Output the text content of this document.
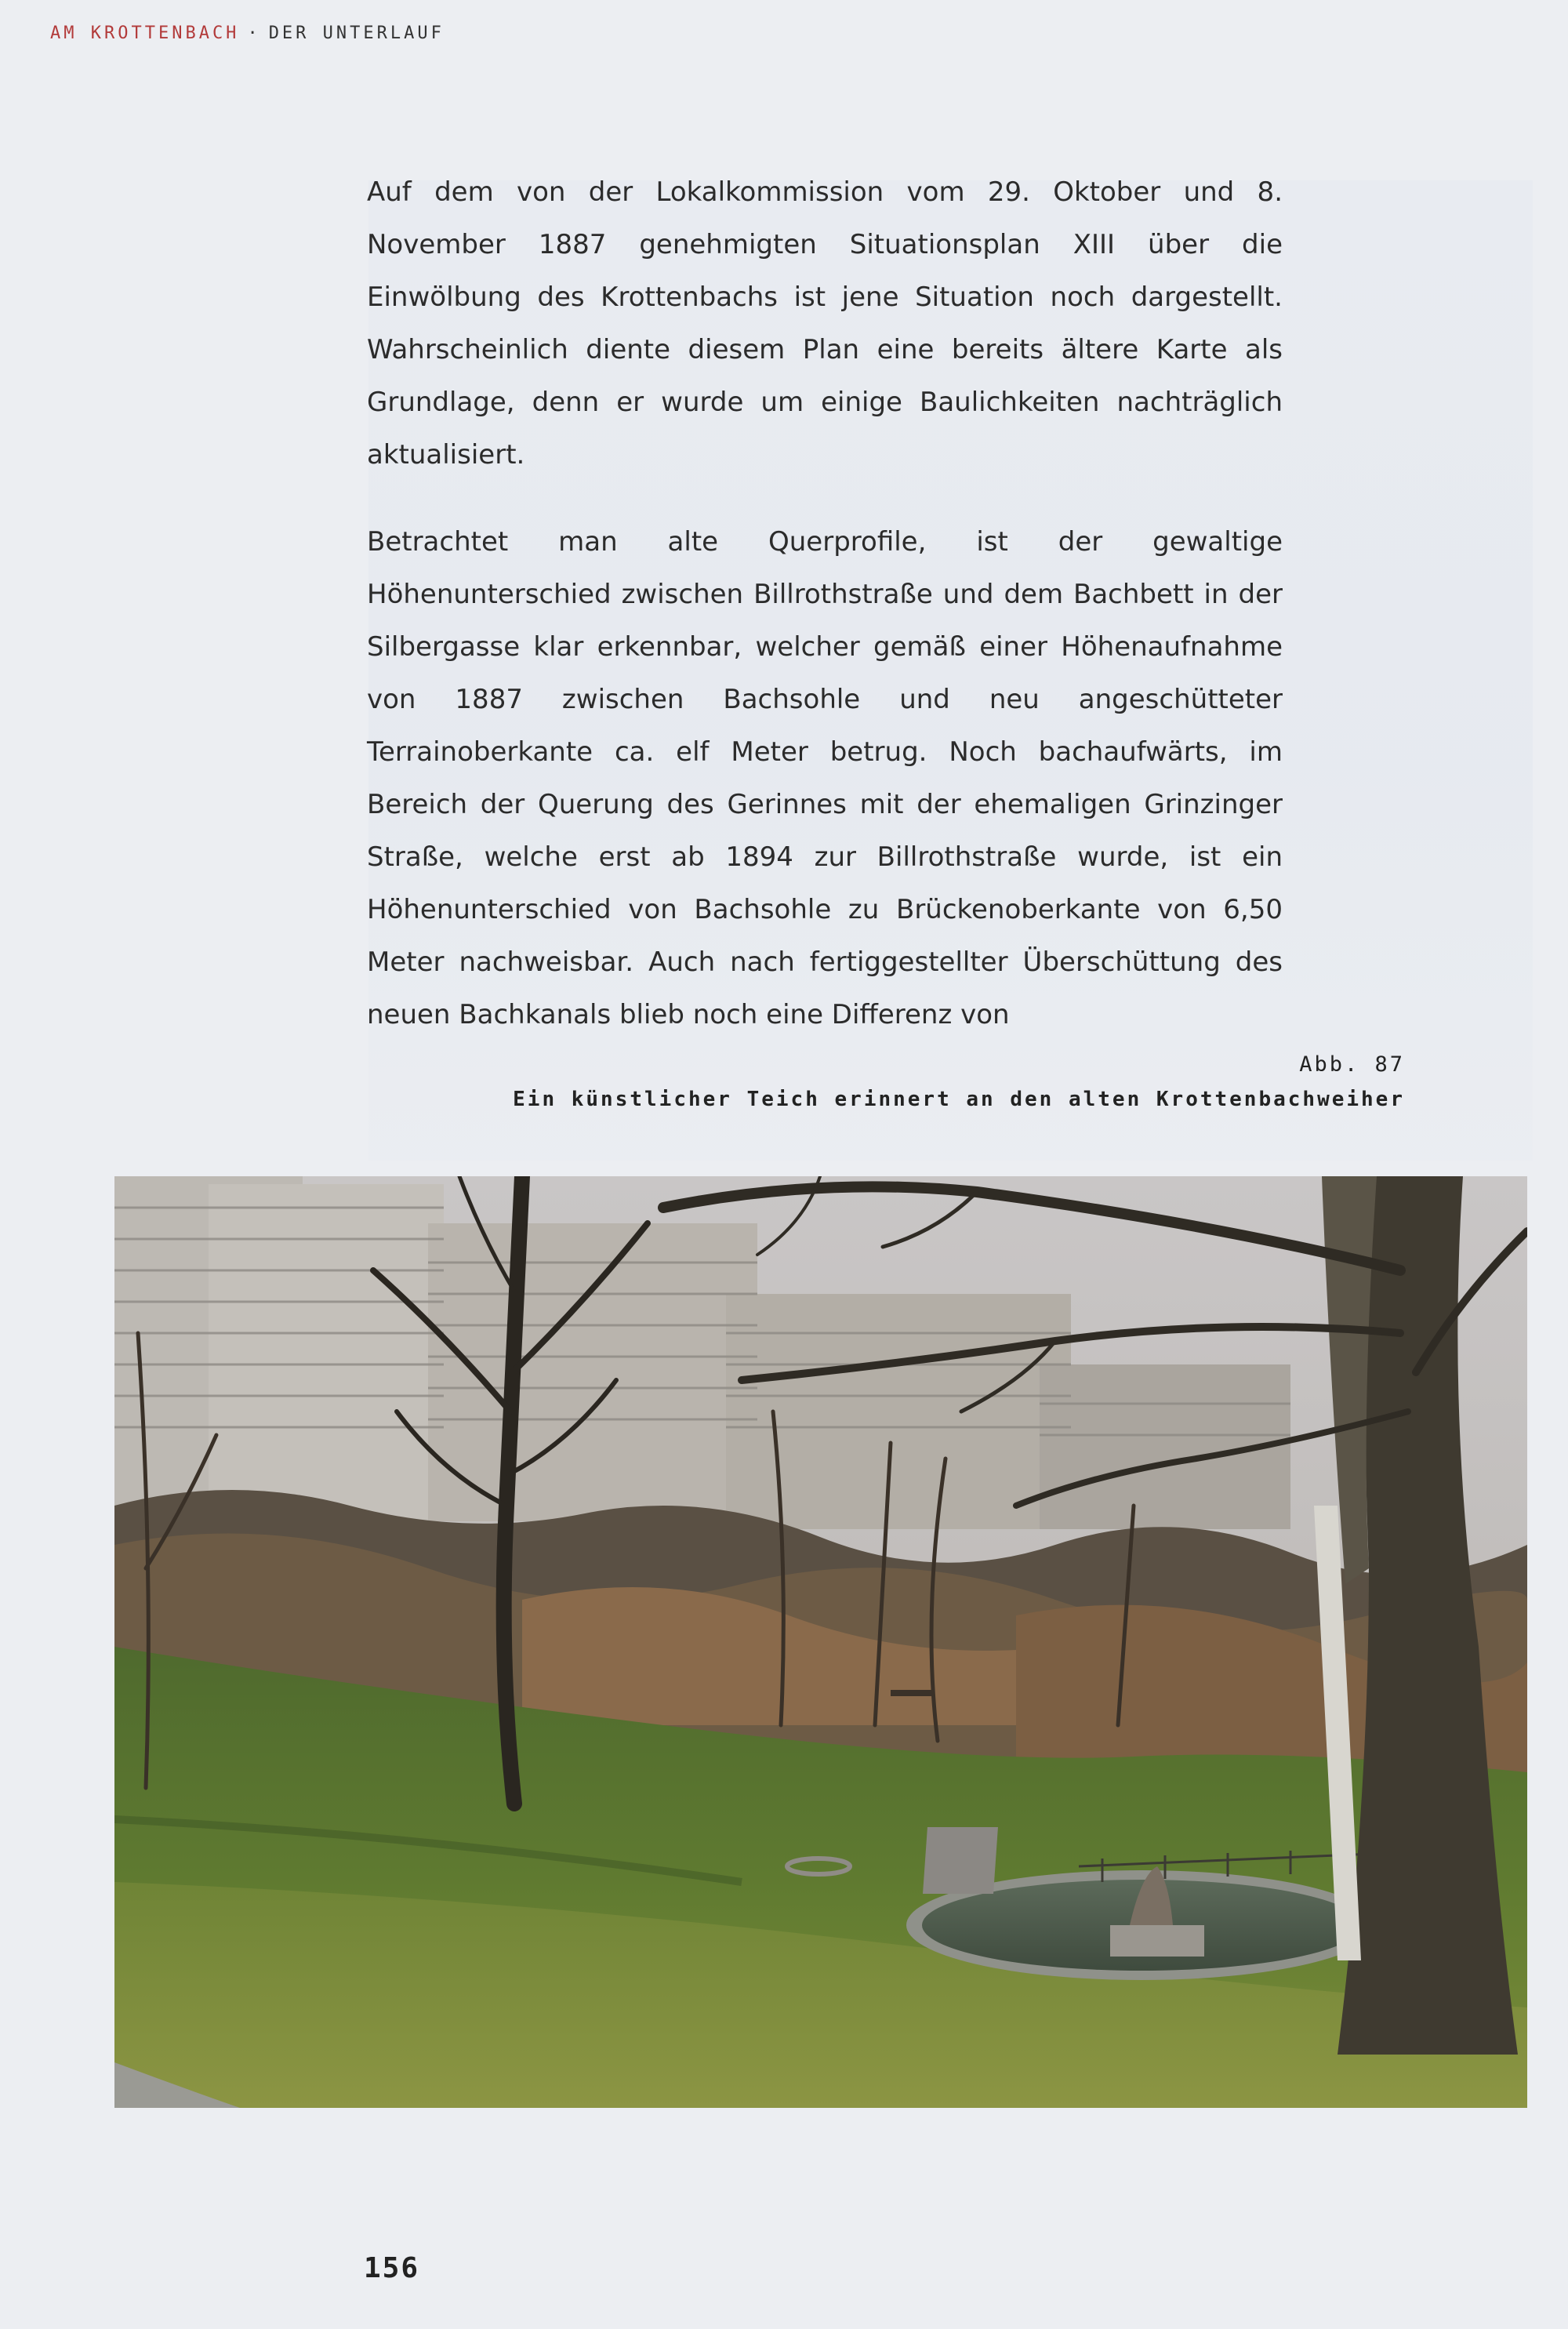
AM KROTTENBACH · DER UNTERLAUF

Auf dem von der Lokalkommission vom 29. Oktober und 8. November 1887 genehmigten Situationsplan XIII über die Einwölbung des Krottenbachs ist jene Situation noch dargestellt. Wahrscheinlich diente diesem Plan eine bereits ältere Karte als Grundlage, denn er wurde um einige Baulichkeiten nachträglich aktualisiert.

Betrachtet man alte Querprofile, ist der gewaltige Höhenunterschied zwischen Billrothstraße und dem Bachbett in der Silbergasse klar erkennbar, welcher gemäß einer Höhenaufnahme von 1887 zwischen Bachsohle und neu angeschütteter Terrainoberkante ca. elf Meter betrug. Noch bachaufwärts, im Bereich der Querung des Gerinnes mit der ehemaligen Grinzinger Straße, welche erst ab 1894 zur Billrothstraße wurde, ist ein Höhenunterschied von Bachsohle zu Brückenoberkante von 6,50 Meter nachweisbar. Auch nach fertiggestellter Überschüttung des neuen Bachkanals blieb noch eine Differenz von

Abb. 87
Ein künstlicher Teich erinnert an den alten Krottenbachweiher
156
